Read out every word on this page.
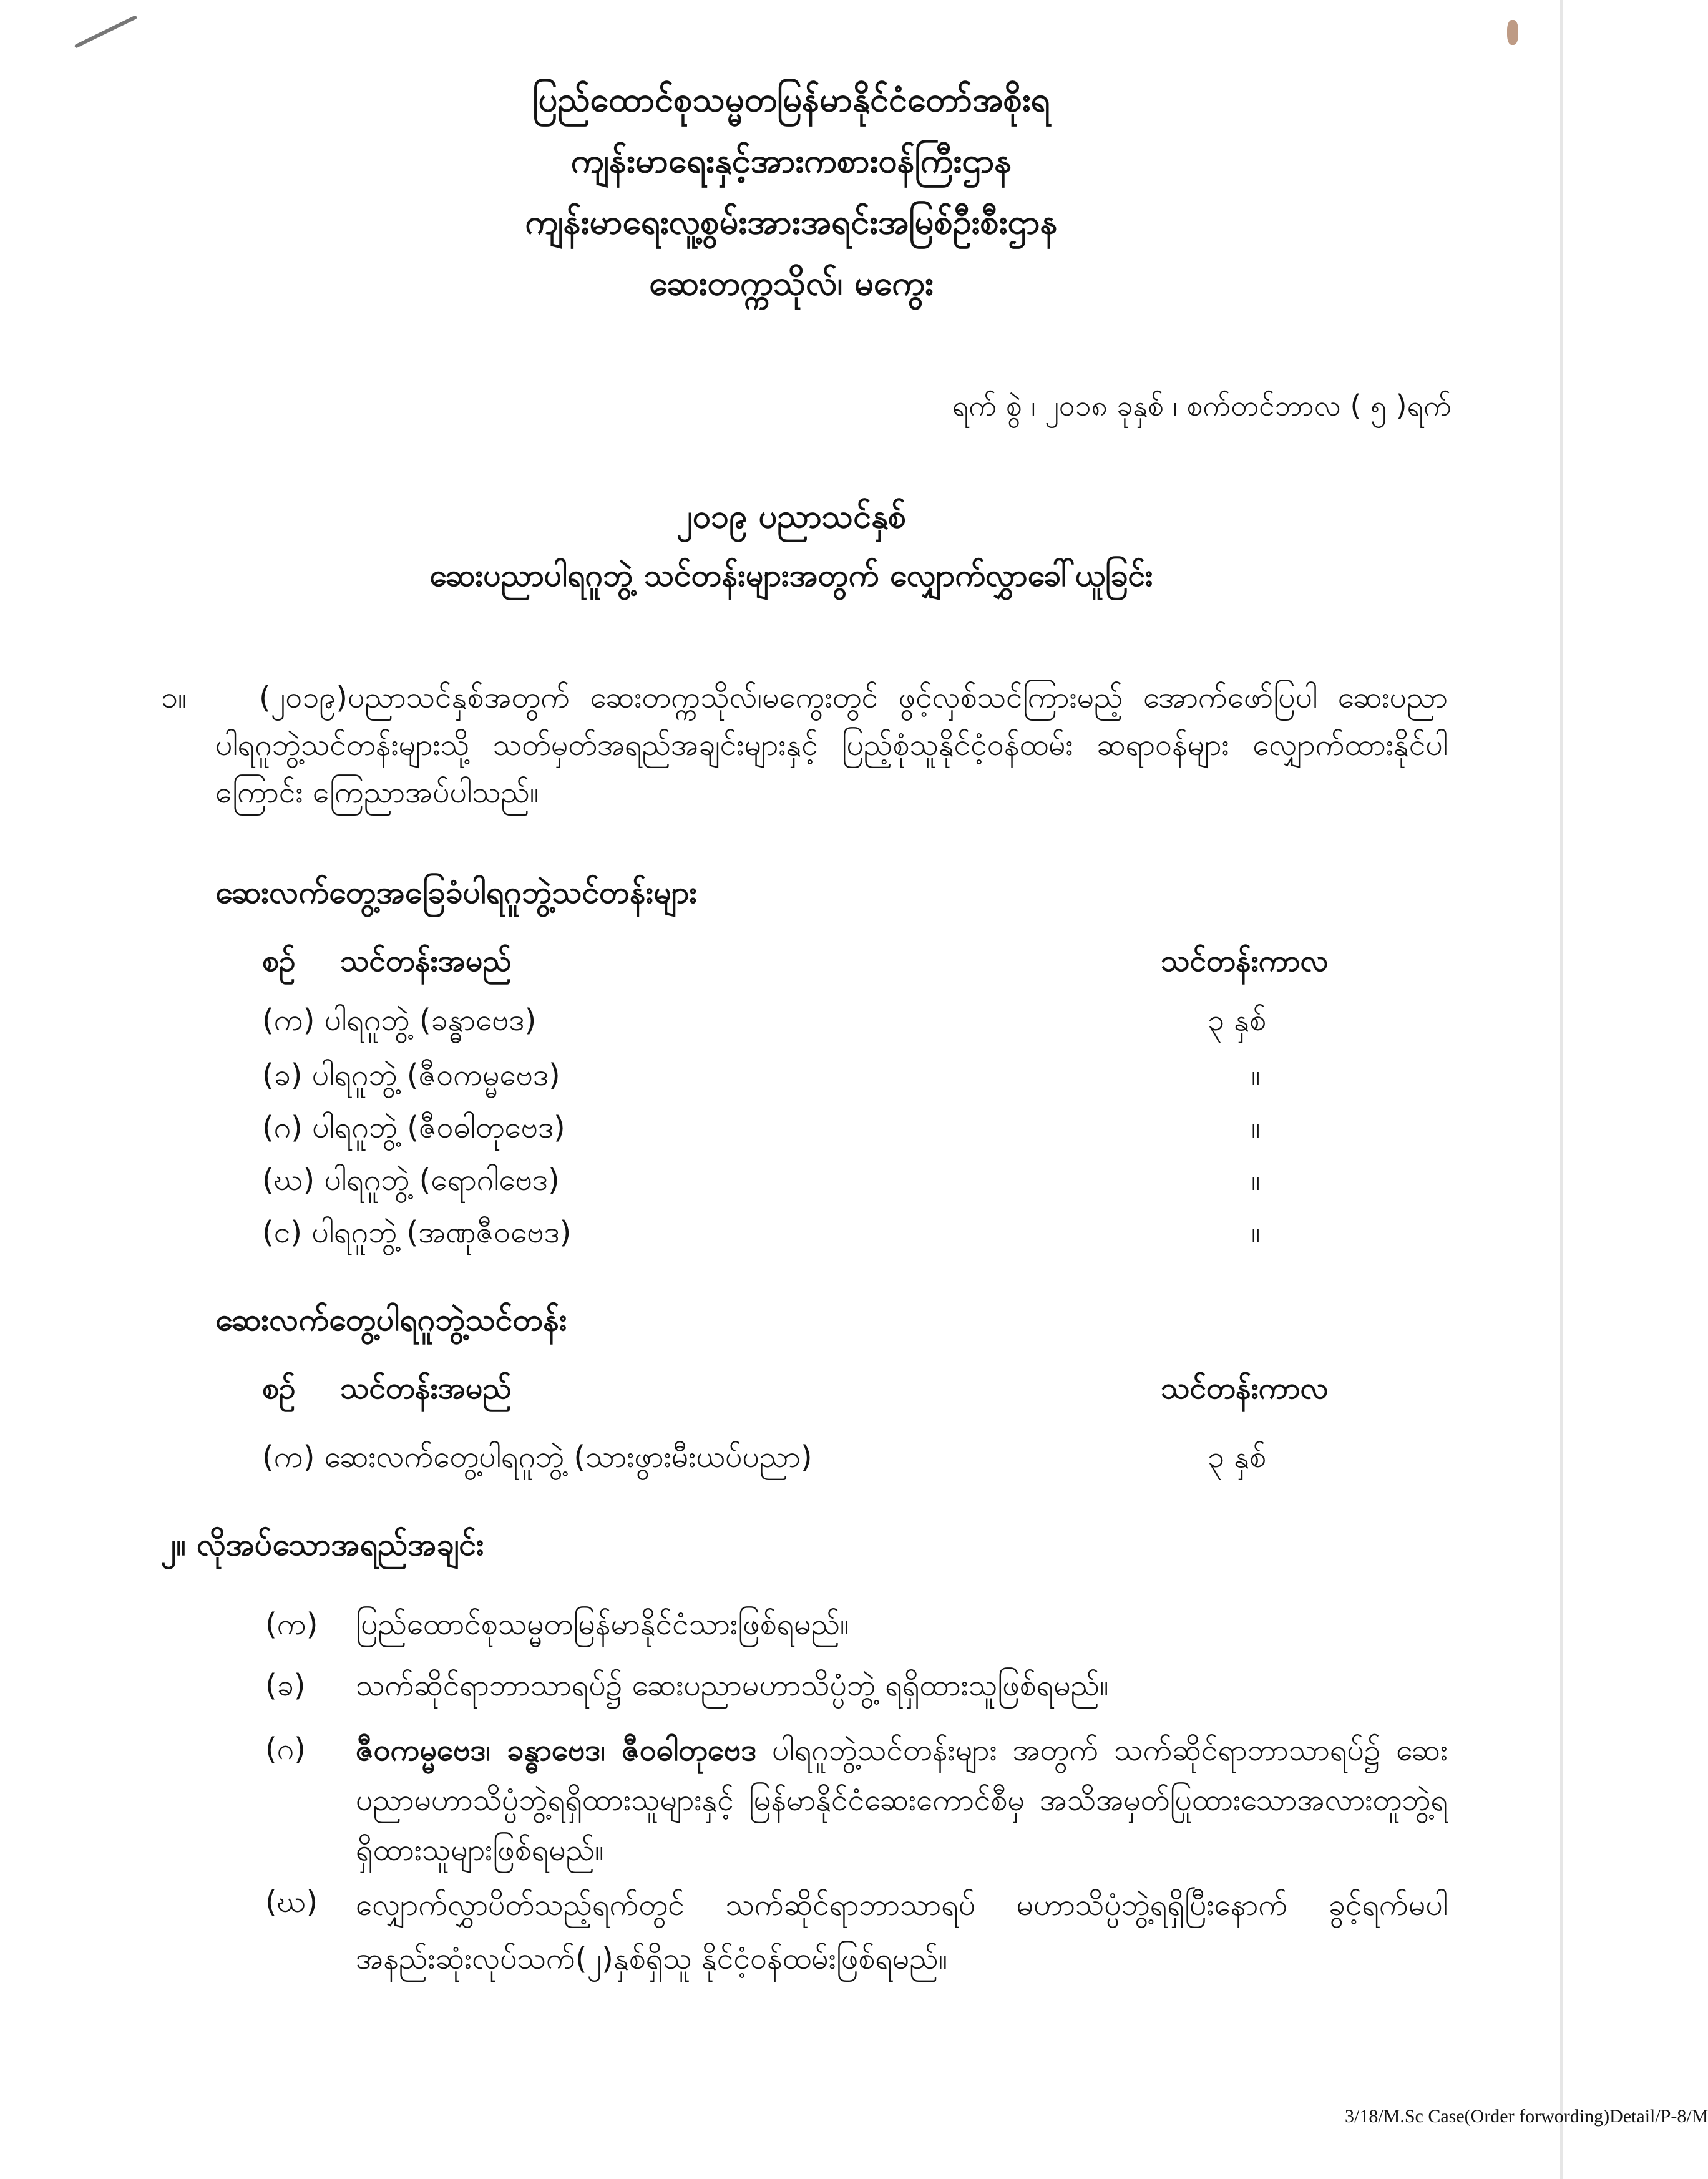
ပြည်ထောင်စုသမ္မတမြန်မာနိုင်ငံတော်အစိုးရ
ကျန်းမာရေးနှင့်အားကစားဝန်ကြီးဌာန
ကျန်းမာရေးလူ့စွမ်းအားအရင်းအမြစ်ဦးစီးဌာန
ဆေးတက္ကသိုလ်၊ မကွေး
ရက် စွဲ ၊ ၂၀၁၈ ခုနှစ် ၊ စက်တင်ဘာလ ( ၅ )ရက်
၂၀၁၉ ပညာသင်နှစ်
ဆေးပညာပါရဂူဘွဲ့ သင်တန်းများအတွက် လျှောက်လွှာခေါ်ယူခြင်း
၁။	(၂၀၁၉)ပညာသင်နှစ်အတွက် ဆေးတက္ကသိုလ်၊မကွေးတွင် ဖွင့်လှစ်သင်ကြားမည့် အောက်ဖော်ပြပါ ဆေးပညာပါရဂူဘွဲ့သင်တန်းများသို့ သတ်မှတ်အရည်အချင်းများနှင့် ပြည့်စုံသူနိုင်ငံ့ဝန်ထမ်း ဆရာဝန်များ လျှောက်ထားနိုင်ပါကြောင်း ကြေညာအပ်ပါသည်။
ဆေးလက်တွေ့အခြေခံပါရဂူဘွဲ့သင်တန်းများ
စဉ် သင်တန်းအမည်	သင်တန်းကာလ
(က) ပါရဂူဘွဲ့ (ခန္ဓာဗေဒ)	၃ နှစ်
(ခ) ပါရဂူဘွဲ့ (ဇီဝကမ္မဗေဒ)	။
(ဂ) ပါရဂူဘွဲ့ (ဇီဝဓါတုဗေဒ)	။
(ဃ) ပါရဂူဘွဲ့ (ရောဂါဗေဒ)	။
(င) ပါရဂူဘွဲ့ (အဏုဇီဝဗေဒ)	။
ဆေးလက်တွေ့ပါရဂူဘွဲ့သင်တန်း
စဉ် သင်တန်းအမည်	သင်တန်းကာလ
(က) ဆေးလက်တွေ့ပါရဂူဘွဲ့ (သားဖွားမီးယပ်ပညာ)	၃ နှစ်
၂။ လိုအပ်သောအရည်အချင်း
(က) ပြည်ထောင်စုသမ္မတမြန်မာနိုင်ငံသားဖြစ်ရမည်။
(ခ) သက်ဆိုင်ရာဘာသာရပ်၌ ဆေးပညာမဟာသိပ္ပံဘွဲ့ ရရှိထားသူဖြစ်ရမည်။
(ဂ) ဇီဝကမ္မဗေဒ၊ ခန္ဓာဗေဒ၊ ဇီဝဓါတုဗေဒ ပါရဂူဘွဲ့သင်တန်းများ အတွက် သက်ဆိုင်ရာဘာသာရပ်၌ ဆေးပညာမဟာသိပ္ပံဘွဲ့ရရှိထားသူများနှင့် မြန်မာနိုင်ငံဆေးကောင်စီမှ အသိအမှတ်ပြုထားသောအလားတူဘွဲ့ရရှိထားသူများဖြစ်ရမည်။
(ဃ) လျှောက်လွှာပိတ်သည့်ရက်တွင် သက်ဆိုင်ရာဘာသာရပ် မဟာသိပ္ပံဘွဲ့ရရှိပြီးနောက် ခွင့်ရက်မပါ အနည်းဆုံးလုပ်သက်(၂)နှစ်ရှိသူ နိုင်ငံ့ဝန်ထမ်းဖြစ်ရမည်။
3/18/M.Sc Case(Order forwording)Detail/P-8/M
